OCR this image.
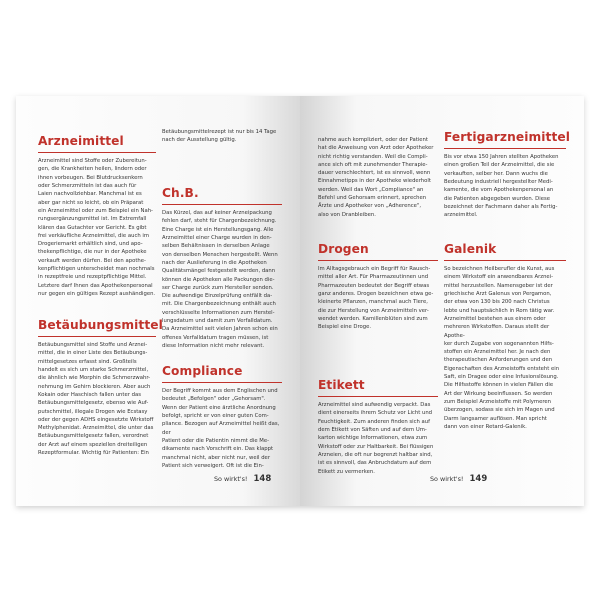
Arzneimittel

Arzneimittel sind Stoffe oder Zubereitun-

gen, die Krankheiten heilen, lindern oder

ihnen vorbeugen. Bei Blutdrucksenkern

oder Schmerzmitteln ist das auch für

Laien nachvollziehbar. Manchmal ist es

aber gar nicht so leicht, ob ein Präparat

ein Arzneimittel oder zum Beispiel ein Nah-

rungsergänzungsmittel ist. Im Extremfall

klären das Gutachter vor Gericht. Es gibt

frei verkäufliche Arzneimittel, die auch im

Drogeriemarkt erhältlich sind, und apo-

thekenpflichtige, die nur in der Apotheke

verkauft werden dürfen. Bei den apothe-

kenpflichtigen unterscheidet man nochmals

in rezeptfreie und rezeptpflichtige Mittel.

Letztere darf Ihnen das Apothekenpersonal

nur gegen ein gültiges Rezept aushändigen.

Betäubungsmittel

Betäubungsmittel sind Stoffe und Arznei-

mittel, die in einer Liste des Betäubungs-

mittelgesetzes erfasst sind. Großteils

handelt es sich um starke Schmerzmittel,

die ähnlich wie Morphin die Schmerzwahr-

nehmung im Gehirn blockieren. Aber auch

Kokain oder Haschisch fallen unter das

Betäubungsmittelgesetz, ebenso wie Auf-

putschmittel, illegale Drogen wie Ecstasy

oder der gegen ADHS eingesetzte Wirkstoff

Methylphenidat. Arzneimittel, die unter das

Betäubungsmittelgesetz fallen, verordnet

der Arzt auf einem speziellen dreiteiligen

Rezeptformular. Wichtig für Patienten: Ein

Betäubungsmittelrezept ist nur bis 14 Tage

nach der Ausstellung gültig.

Ch.B.

Das Kürzel, das auf keiner Arzneipackung

fehlen darf, steht für Chargenbezeichnung.

Eine Charge ist ein Herstellungsgang. Alle

Arzneimittel einer Charge wurden in den-

selben Behältnissen in derselben Anlage

von denselben Menschen hergestellt. Wenn

nach der Auslieferung in die Apotheken

Qualitätsmängel festgestellt werden, dann

können die Apotheken alle Packungen die-

ser Charge zurück zum Hersteller senden.

Die aufwendige Einzelprüfung entfällt da-

mit. Die Chargenbezeichnung enthält auch

verschlüsselte Informationen zum Herstel-

lungsdatum und damit zum Verfalldatum.

Da Arzneimittel seit vielen Jahren schon ein

offenes Verfalldatum tragen müssen, ist

diese Information nicht mehr relevant.

Compliance

Der Begriff kommt aus dem Englischen und

bedeutet „Befolgen" oder „Gehorsam".

Wenn der Patient eine ärztliche Anordnung

befolgt, spricht er von einer guten Com-

pliance. Bezogen auf Arzneimittel heißt das, der

Patient oder die Patientin nimmt die Me-

dikamente nach Vorschrift ein. Das klappt

manchmal nicht, aber nicht nur, weil der

Patient sich verweigert. Oft ist die Ein-

So wirkt's! 148

nahme auch kompliziert, oder der Patient

hat die Anweisung von Arzt oder Apotheker

nicht richtig verstanden. Weil die Compli-

ance sich oft mit zunehmender Therapie-

dauer verschlechtert, ist es sinnvoll, wenn

Einnahmetipps in der Apotheke wiederholt

werden. Weil das Wort „Compliance" an

Befehl und Gehorsam erinnert, sprechen

Ärzte und Apotheker von „Adherence",

also von Dranbleiben.

Drogen

Im Alltagsgebrauch ein Begriff für Rausch-

mittel aller Art. Für Pharmazeutinnen und

Pharmazeuten bedeutet der Begriff etwas

ganz anderes. Drogen bezeichnen etwa ge-

kleinerte Pflanzen, manchmal auch Tiere,

die zur Herstellung von Arzneimitteln ver-

wendet werden. Kamillenblüten sind zum

Beispiel eine Droge.

Etikett

Arzneimittel sind aufwendig verpackt. Das

dient einerseits ihrem Schutz vor Licht und

Feuchtigkeit. Zum anderen finden sich auf

dem Etikett von Säften und auf dem Um-

karton wichtige Informationen, etwa zum

Wirkstoff oder zur Haltbarkeit. Bei flüssigen

Arzneien, die oft nur begrenzt haltbar sind,

ist es sinnvoll, das Anbruchdatum auf dem

Etikett zu vermerken.

Fertigarzneimittel

Bis vor etwa 150 Jahren stellten Apotheken

einen großen Teil der Arzneimittel, die sie

verkauften, selber her. Dann wuchs die

Bedeutung industriell hergestellter Medi-

kamente, die vom Apothekenpersonal an

die Patienten abgegeben wurden. Diese

bezeichnet der Fachmann daher als Fertig-

arzneimittel.

Galenik

So bezeichnen Heilberufler die Kunst, aus

einem Wirkstoff ein anwendbares Arznei-

mittel herzustellen. Namensgeber ist der

griechische Arzt Galenus von Pergamon,

der etwa von 130 bis 200 nach Christus

lebte und hauptsächlich in Rom tätig war.

Arzneimittel bestehen aus einem oder

mehreren Wirkstoffen. Daraus stellt der Apothe-

ker durch Zugabe von sogenannten Hilfs-

stoffen ein Arzneimittel her. Je nach den

therapeutischen Anforderungen und den

Eigenschaften des Arzneistoffs entsteht ein

Saft, ein Dragee oder eine Infusionslösung.

Die Hilfsstoffe können in vielen Fällen die

Art der Wirkung beeinflussen. So werden

zum Beispiel Arzneistoffe mit Polymeren

überzogen, sodass sie sich im Magen und

Darm langsamer auflösen. Man spricht

dann von einer Retard-Galenik.

So wirkt's! 149
